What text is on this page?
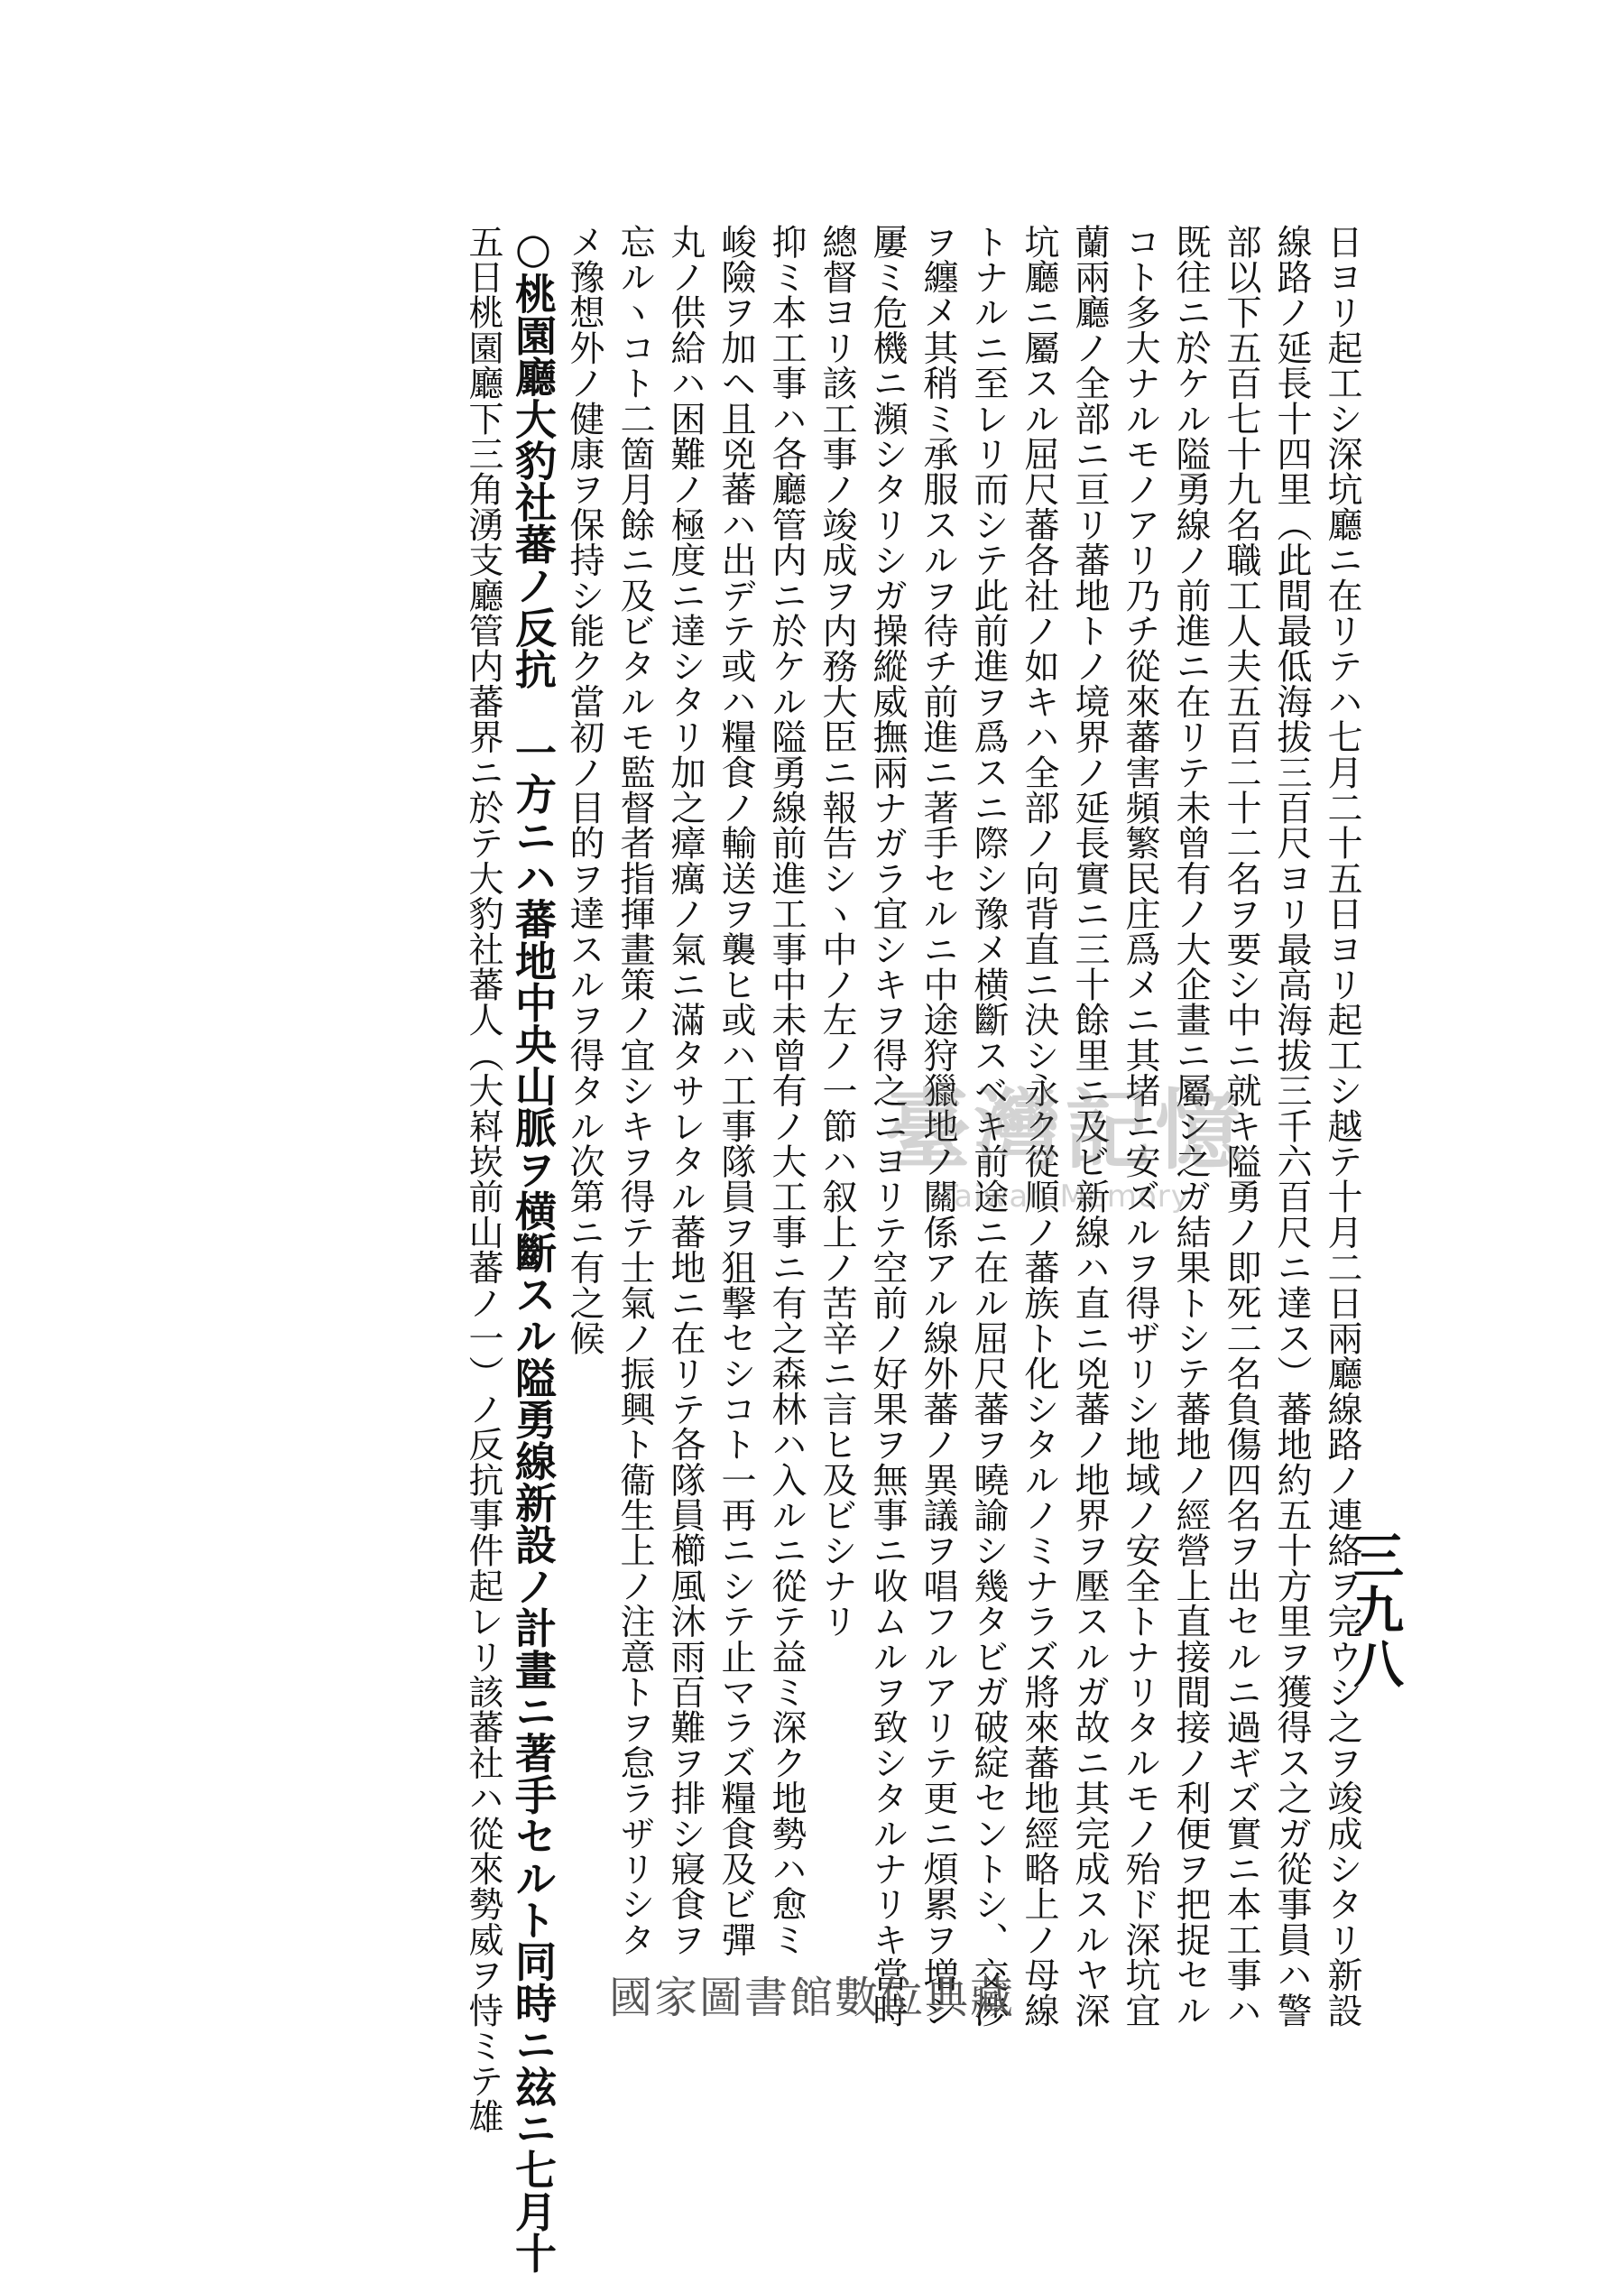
三九八
日ヨリ起工シ深坑廳ニ在リテハ七月二十五日ヨリ起工シ越テ十月二日兩廳線路ノ連絡ヲ完ウシ之ヲ竣成シタリ新設
線路ノ延長十四里（此間最低海拔三百尺ヨリ最高海拔三千六百尺ニ達ス）蕃地約五十方里ヲ獲得ス之ガ從事員ハ警
部以下五百七十九名職工人夫五百二十二名ヲ要シ中ニ就キ隘勇ノ即死二名負傷四名ヲ出セルニ過ギズ實ニ本工事ハ
既往ニ於ケル隘勇線ノ前進ニ在リテ未曾有ノ大企畫ニ屬シ之ガ結果トシテ蕃地ノ經營上直接間接ノ利便ヲ把捉セル
コト多大ナルモノアリ乃チ從來蕃害頻繁民庄爲メニ其堵ニ安ズルヲ得ザリシ地域ノ安全トナリタルモノ殆ド深坑宜
蘭兩廳ノ全部ニ亘リ蕃地トノ境界ノ延長實ニ三十餘里ニ及ビ新線ハ直ニ兇蕃ノ地界ヲ壓スルガ故ニ其完成スルヤ深
坑廳ニ屬スル屈尺蕃各社ノ如キハ全部ノ向背直ニ決シ永ク從順ノ蕃族ト化シタルノミナラズ將來蕃地經略上ノ母線
トナルニ至レリ而シテ此前進ヲ爲スニ際シ豫メ横斷スベキ前途ニ在ル屈尺蕃ヲ曉諭シ幾タビガ破綻セントシ、交渉
ヲ纏メ其稍ミ承服スルヲ待チ前進ニ著手セルニ中途狩獵地ノ關係アル線外蕃ノ異議ヲ唱フルアリテ更ニ煩累ヲ増シ
屢ミ危機ニ瀕シタリシガ操縱威撫兩ナガラ宜シキヲ得之ニヨリテ空前ノ好果ヲ無事ニ收ムルヲ致シタルナリキ當時
總督ヨリ該工事ノ竣成ヲ内務大臣ニ報告シヽ中ノ左ノ一節ハ叙上ノ苦辛ニ言ヒ及ビシナリ
抑ミ本工事ハ各廳管内ニ於ケル隘勇線前進工事中未曾有ノ大工事ニ有之森林ハ入ルニ從テ益ミ深ク地勢ハ愈ミ
峻險ヲ加ヘ且兇蕃ハ出デテ或ハ糧食ノ輸送ヲ襲ヒ或ハ工事隊員ヲ狙撃セシコト一再ニシテ止マラズ糧食及ビ彈
丸ノ供給ハ困難ノ極度ニ達シタリ加之瘴癘ノ氣ニ滿タサレタル蕃地ニ在リテ各隊員櫛風沐雨百難ヲ排シ寢食ヲ
忘ルヽコト二箇月餘ニ及ビタルモ監督者指揮畫策ノ宜シキヲ得テ士氣ノ振興ト衞生上ノ注意トヲ怠ラザリシタ
メ豫想外ノ健康ヲ保持シ能ク當初ノ目的ヲ達スルヲ得タル次第ニ有之候
○桃園廳大豹社蕃ノ反抗　一方ニハ蕃地中央山脈ヲ横斷スル隘勇線新設ノ計畫ニ著手セルト同時ニ玆ニ七月十
五日桃園廳下三角湧支廳管内蕃界ニ於テ大豹社蕃人（大嵙崁前山蕃ノ一）ノ反抗事件起レリ該蕃社ハ從來勢威ヲ恃ミテ雄	臺灣記憶
Taiwan Memory
國家圖書館數位典藏
